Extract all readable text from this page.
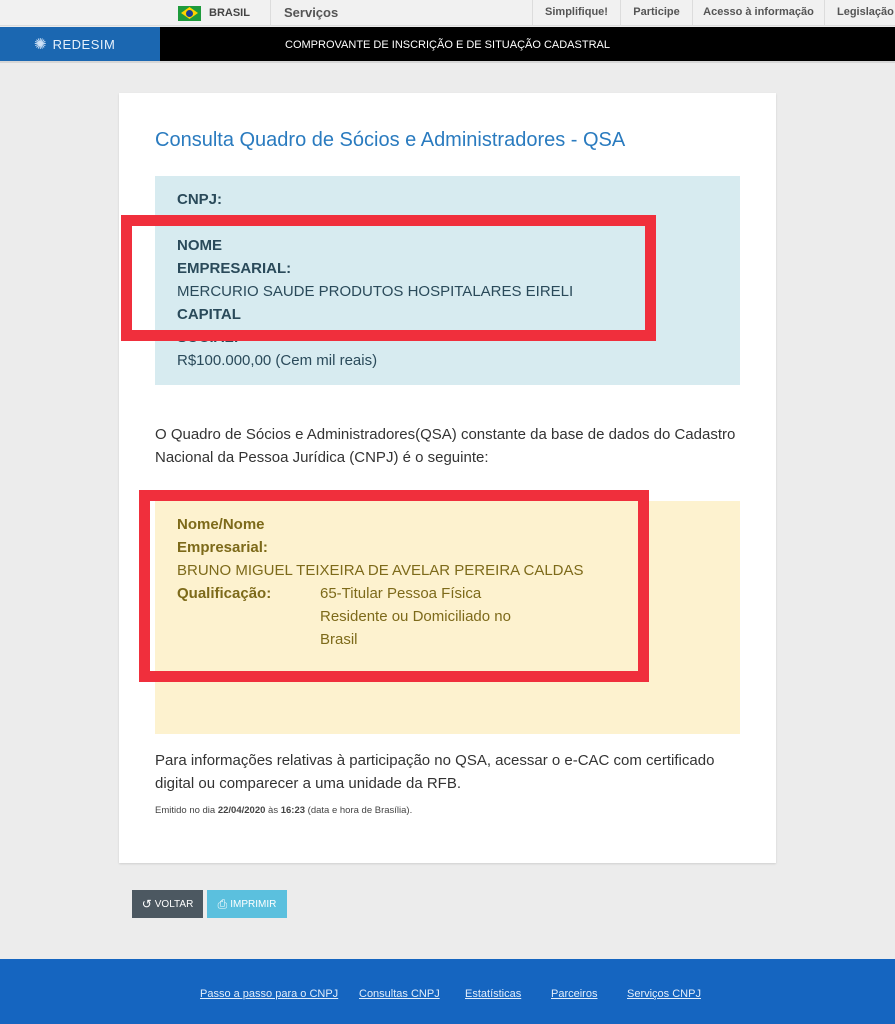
BRASIL	Serviços	Simplifique!	Participe	Acesso à informação	Legislação
✺ REDESIM	COMPROVANTE DE INSCRIÇÃO E DE SITUAÇÃO CADASTRAL
Consulta Quadro de Sócios e Administradores - QSA
CNPJ:
NOME
EMPRESARIAL:
MERCURIO SAUDE PRODUTOS HOSPITALARES EIRELI
CAPITAL
SOCIAL:
R$100.000,00 (Cem mil reais)
O Quadro de Sócios e Administradores(QSA) constante da base de dados do Cadastro Nacional da Pessoa Jurídica (CNPJ) é o seguinte:
Nome/Nome
Empresarial:
BRUNO MIGUEL TEIXEIRA DE AVELAR PEREIRA CALDAS
Qualificação:	65-Titular Pessoa Física Residente ou Domiciliado no Brasil
Para informações relativas à participação no QSA, acessar o e-CAC com certificado digital ou comparecer a uma unidade da RFB.
Emitido no dia 22/04/2020 às 16:23 (data e hora de Brasília).
↺ VOLTAR ⎙ IMPRIMIR
Passo a passo para o CNPJ Consultas CNPJ Estatísticas	Parceiros	Serviços CNPJ
